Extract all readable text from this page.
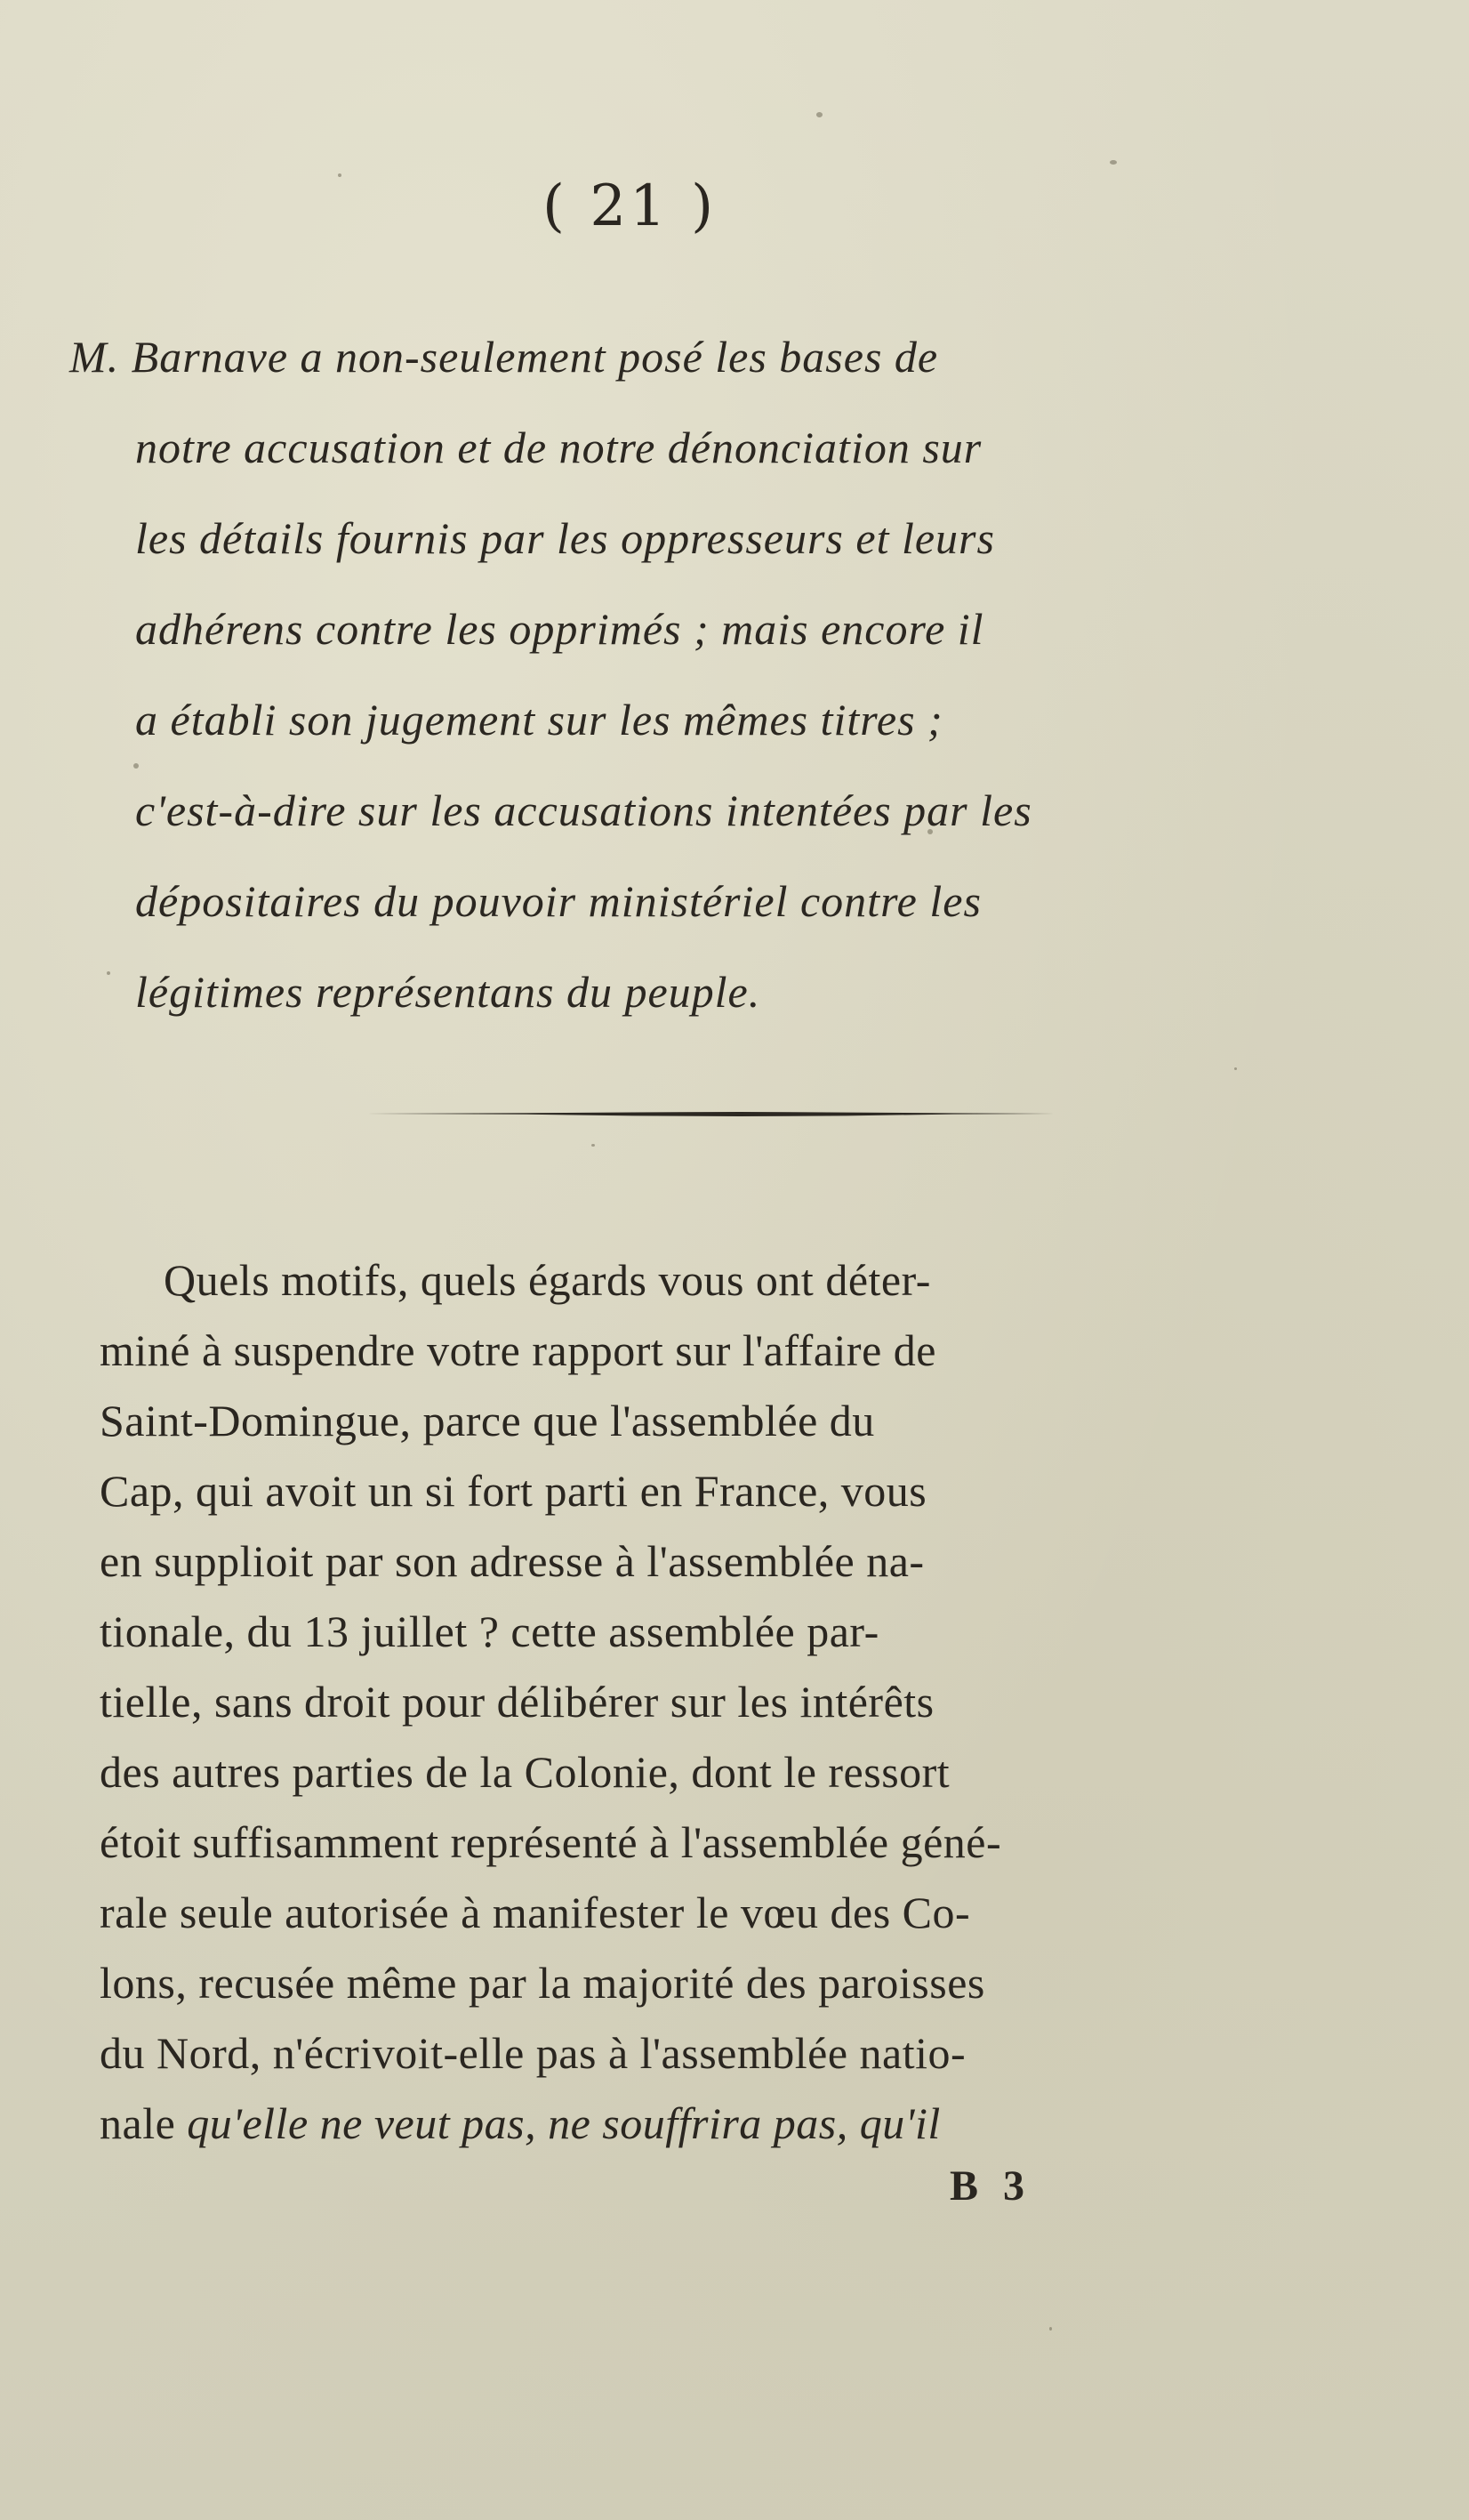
( 21 )
M. Barnave a non-seulement posé les bases de
notre accusation et de notre dénonciation sur
les détails fournis par les oppresseurs et leurs
adhérens contre les opprimés ; mais encore il
a établi son jugement sur les mêmes titres ;
c'est-à-dire sur les accusations intentées par les
dépositaires du pouvoir ministériel contre les
légitimes représentans du peuple.
Quels motifs, quels égards vous ont déter-
miné à suspendre votre rapport sur l'affaire de
Saint-Domingue, parce que l'assemblée du
Cap, qui avoit un si fort parti en France, vous
en supplioit par son adresse à l'assemblée na-
tionale, du 13 juillet ? cette assemblée par-
tielle, sans droit pour délibérer sur les intérêts
des autres parties de la Colonie, dont le ressort
étoit suffisamment représenté à l'assemblée géné-
rale seule autorisée à manifester le vœu des Co-
lons, recusée même par la majorité des paroisses
du Nord, n'écrivoit-elle pas à l'assemblée natio-
nale qu'elle ne veut pas, ne souffrira pas, qu'il
B 3
